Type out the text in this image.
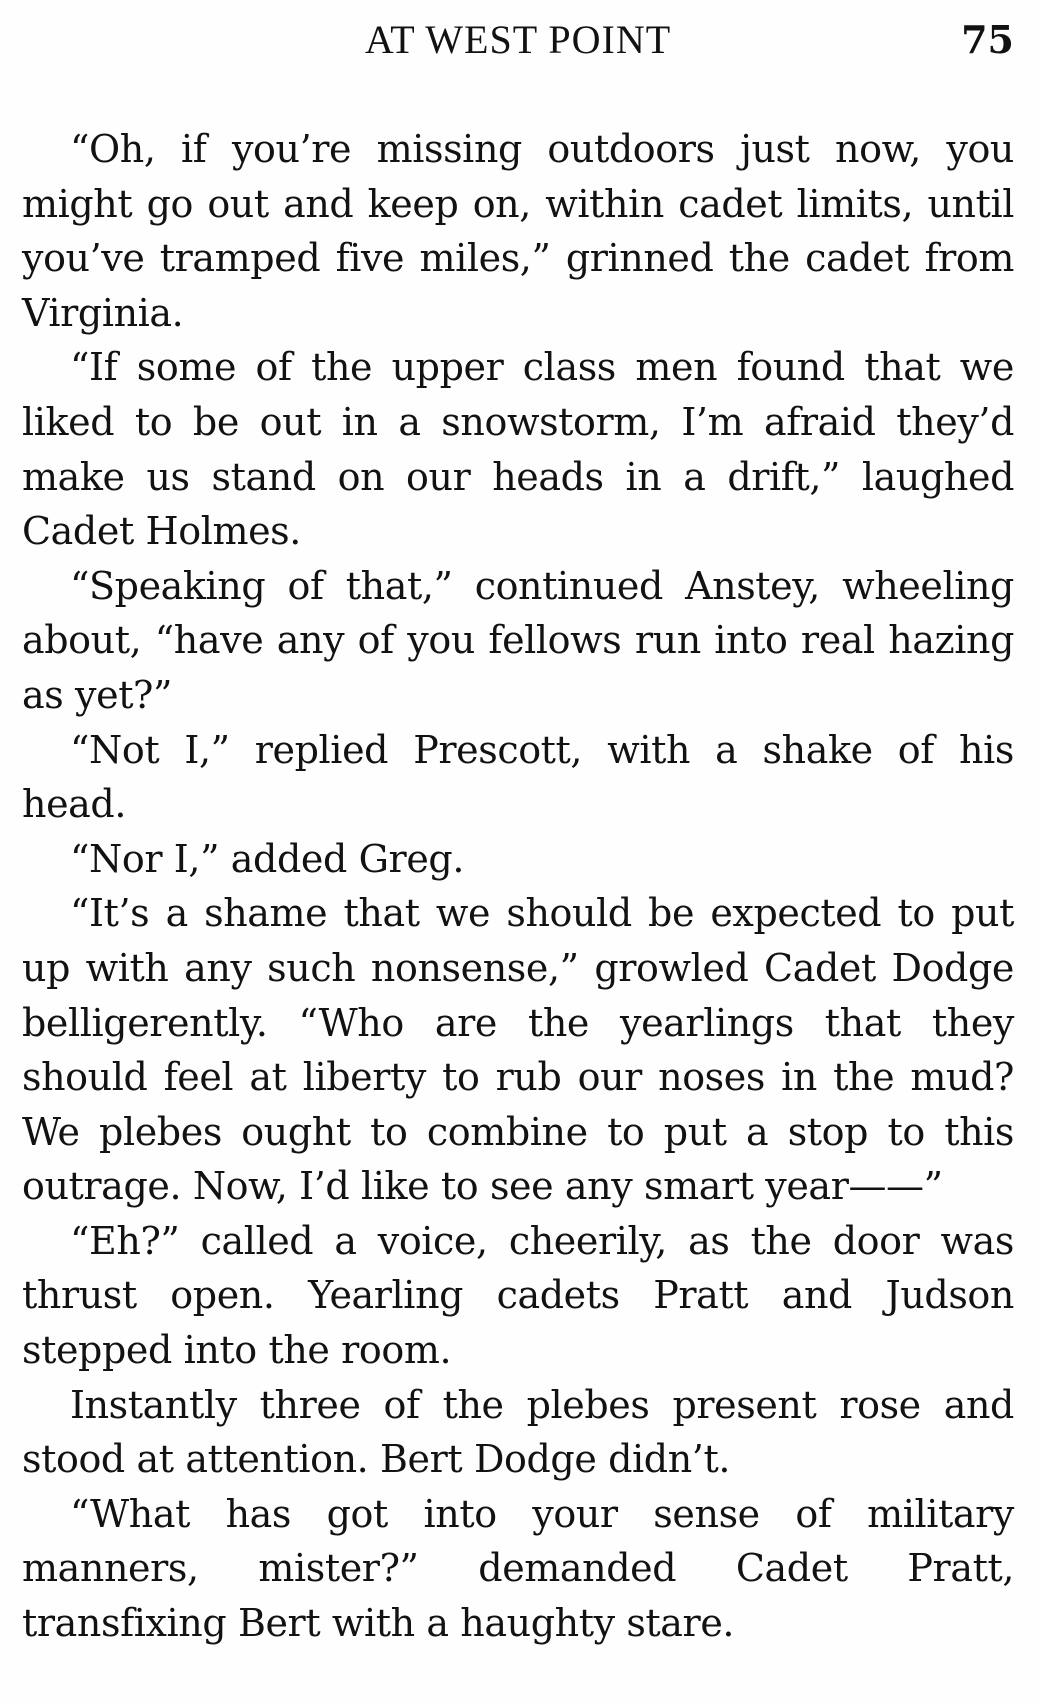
AT WEST POINT	75

“Oh, if you’re missing outdoors just now, you might go out and keep on, within cadet limits, until you’ve tramped five miles,” grinned the cadet from Virginia.

“If some of the upper class men found that we liked to be out in a snowstorm, I’m afraid they’d make us stand on our heads in a drift,” laughed Cadet Holmes.

“Speaking of that,” continued Anstey, wheeling about, “have any of you fellows run into real hazing as yet?”

“Not I,” replied Prescott, with a shake of his head.

“Nor I,” added Greg.

“It’s a shame that we should be expected to put up with any such nonsense,” growled Cadet Dodge belligerently. “Who are the yearlings that they should feel at liberty to rub our noses in the mud? We plebes ought to combine to put a stop to this outrage. Now, I’d like to see any smart year——”

“Eh?” called a voice, cheerily, as the door was thrust open. Yearling cadets Pratt and Judson stepped into the room.

Instantly three of the plebes present rose and stood at attention. Bert Dodge didn’t.

“What has got into your sense of military manners, mister?” demanded Cadet Pratt, transfixing Bert with a haughty stare.
